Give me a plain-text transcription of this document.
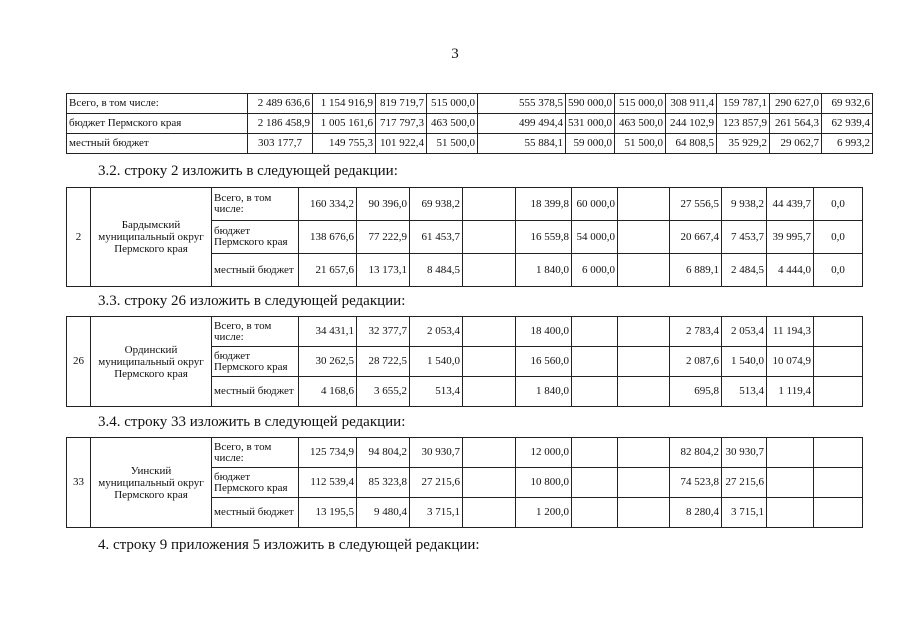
3
Всего, в том числе:	2 489 636,6	1 154 916,9	819 719,7	515 000,0	555 378,5	590 000,0	515 000,0	308 911,4	159 787,1	290 627,0	69 932,6
бюджет Пермского края	2 186 458,9	1 005 161,6	717 797,3	463 500,0	499 494,4	531 000,0	463 500,0	244 102,9	123 857,9	261 564,3	62 939,4
местный бюджет	303 177,7	149 755,3	101 922,4	51 500,0	55 884,1	59 000,0	51 500,0	64 808,5	35 929,2	29 062,7	6 993,2
3.2. строку 2 изложить в следующей редакции:
2	Бардымский муниципальный округ Пермского края	Всего, в том числе:	160 334,2	90 396,0	69 938,2		18 399,8	60 000,0		27 556,5	9 938,2	44 439,7	0,0
		бюджет Пермского края	138 676,6	77 222,9	61 453,7		16 559,8	54 000,0		20 667,4	7 453,7	39 995,7	0,0
		местный бюджет	21 657,6	13 173,1	8 484,5		1 840,0	6 000,0		6 889,1	2 484,5	4 444,0	0,0
3.3. строку 26 изложить в следующей редакции:
26	Ординский муниципальный округ Пермского края	Всего, в том числе:	34 431,1	32 377,7	2 053,4		18 400,0			2 783,4	2 053,4	11 194,3	
		бюджет Пермского края	30 262,5	28 722,5	1 540,0		16 560,0			2 087,6	1 540,0	10 074,9	
		местный бюджет	4 168,6	3 655,2	513,4		1 840,0			695,8	513,4	1 119,4	
3.4. строку 33 изложить в следующей редакции:
33	Уинский муниципальный округ Пермского края	Всего, в том числе:	125 734,9	94 804,2	30 930,7		12 000,0			82 804,2	30 930,7		
		бюджет Пермского края	112 539,4	85 323,8	27 215,6		10 800,0			74 523,8	27 215,6		
		местный бюджет	13 195,5	9 480,4	3 715,1		1 200,0			8 280,4	3 715,1		
4. строку 9 приложения 5 изложить в следующей редакции:
